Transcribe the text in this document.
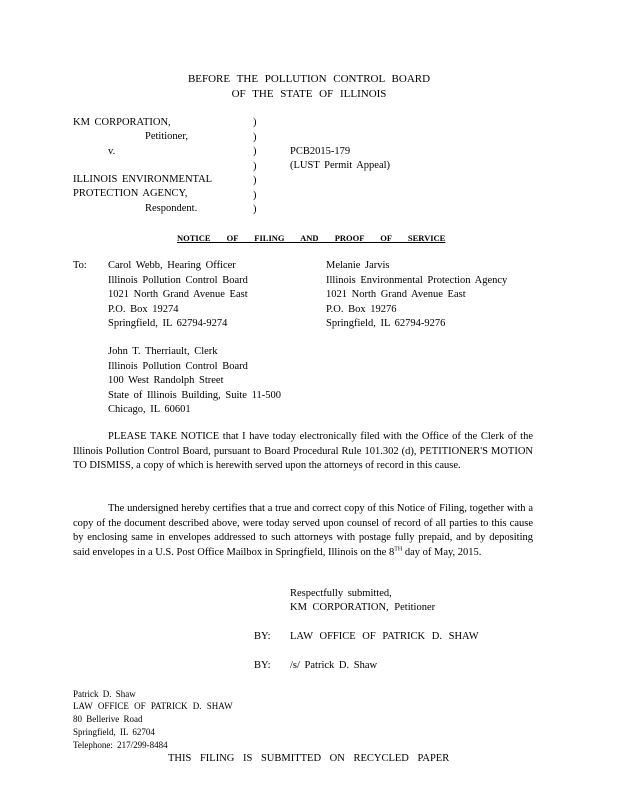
BEFORE THE POLLUTION CONTROL BOARD
OF THE STATE OF ILLINOIS
KM CORPORATION,
Petitioner,
v.
ILLINOIS ENVIRONMENTAL
PROTECTION AGENCY,
Respondent.
)
)
)
)
)
)
)
PCB2015-179
(LUST Permit Appeal)
NOTICE OF FILING AND PROOF OF SERVICE
To: Carol Webb, Hearing Officer
Illinois Pollution Control Board
1021 North Grand Avenue East
P.O. Box 19274
Springfield, IL 62794-9274
Melanie Jarvis
Illinois Environmental Protection Agency
1021 North Grand Avenue East
P.O. Box 19276
Springfield, IL 62794-9276
John T. Therriault, Clerk
Illinois Pollution Control Board
100 West Randolph Street
State of Illinois Building, Suite 11-500
Chicago, IL 60601

PLEASE TAKE NOTICE that I have today electronically filed with the Office of the Clerk of the Illinois Pollution Control Board, pursuant to Board Procedural Rule 101.302 (d), PETITIONER'S MOTION TO DISMISS, a copy of which is herewith served upon the attorneys of record in this cause.

The undersigned hereby certifies that a true and correct copy of this Notice of Filing, together with a copy of the document described above, were today served upon counsel of record of all parties to this cause by enclosing same in envelopes addressed to such attorneys with postage fully prepaid, and by depositing said envelopes in a U.S. Post Office Mailbox in Springfield, Illinois on the 8TH day of May, 2015.

Respectfully submitted,
KM CORPORATION, Petitioner
BY: LAW OFFICE OF PATRICK D. SHAW
BY: /s/ Patrick D. Shaw
Patrick D. Shaw
LAW OFFICE OF PATRICK D. SHAW
80 Bellerive Road
Springfield, IL 62704
Telephone: 217/299-8484
THIS FILING IS SUBMITTED ON RECYCLED PAPER
